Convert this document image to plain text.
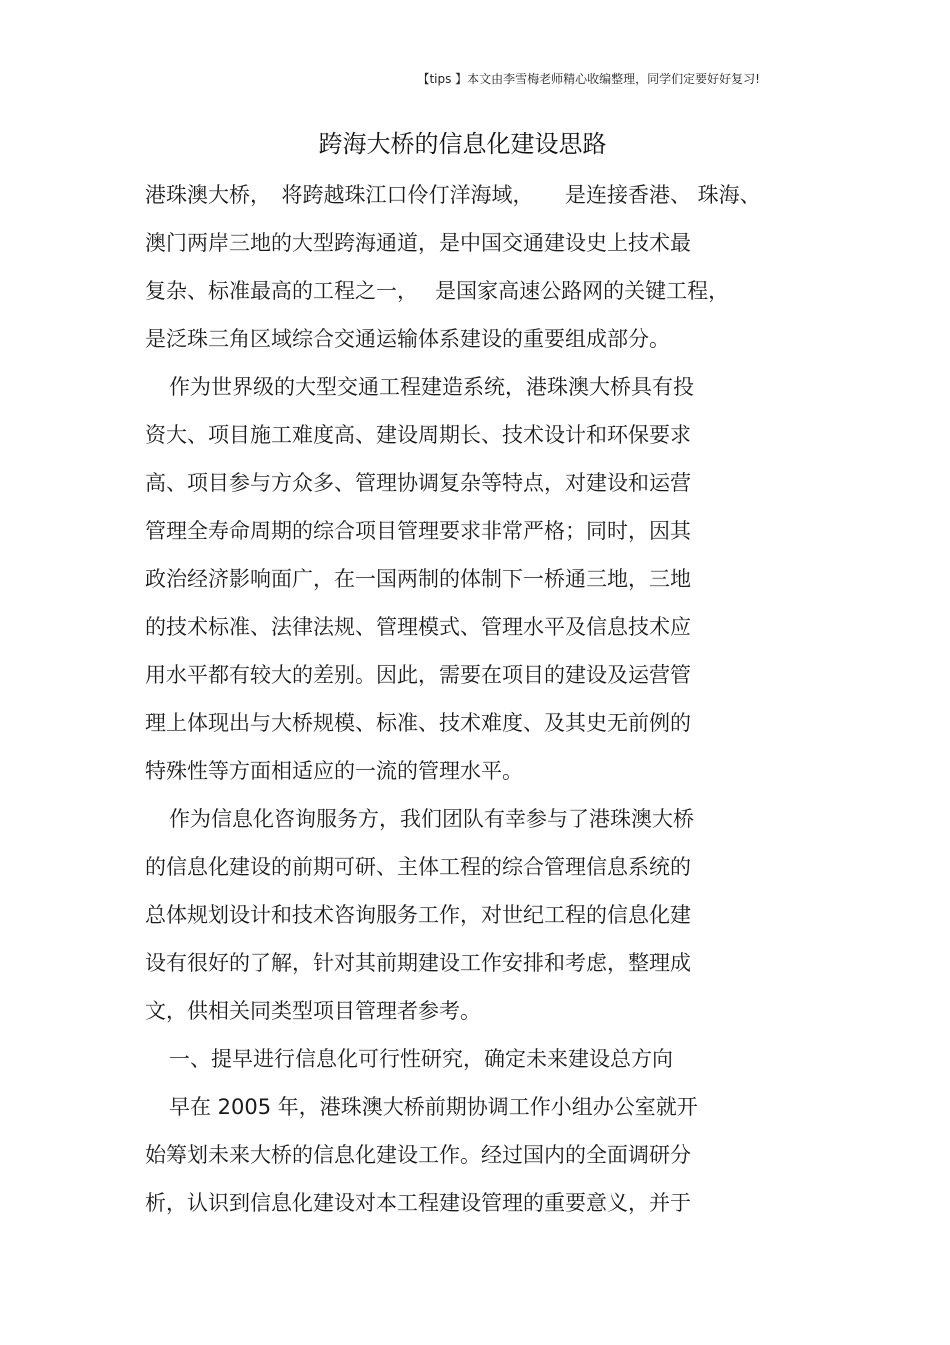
【tips 】本文由李雪梅老师精心收编整理，同学们定要好好复习!
跨海大桥的信息化建设思路
港珠澳大桥，　将跨越珠江口伶仃洋海域，　　是连接香港、 珠海、
澳门两岸三地的大型跨海通道，是中国交通建设史上技术最
复杂、标准最高的工程之一，　 是国家高速公路网的关键工程，
是泛珠三角区域综合交通运输体系建设的重要组成部分。
作为世界级的大型交通工程建造系统，港珠澳大桥具有投
资大、项目施工难度高、建设周期长、技术设计和环保要求
高、项目参与方众多、管理协调复杂等特点，对建设和运营
管理全寿命周期的综合项目管理要求非常严格；同时，因其
政治经济影响面广，在一国两制的体制下一桥通三地，三地
的技术标准、法律法规、管理模式、管理水平及信息技术应
用水平都有较大的差别。因此，需要在项目的建设及运营管
理上体现出与大桥规模、标准、技术难度、及其史无前例的
特殊性等方面相适应的一流的管理水平。
作为信息化咨询服务方，我们团队有幸参与了港珠澳大桥
的信息化建设的前期可研、主体工程的综合管理信息系统的
总体规划设计和技术咨询服务工作，对世纪工程的信息化建
设有很好的了解，针对其前期建设工作安排和考虑，整理成
文，供相关同类型项目管理者参考。
一、提早进行信息化可行性研究，确定未来建设总方向
早在 2005 年，港珠澳大桥前期协调工作小组办公室就开
始筹划未来大桥的信息化建设工作。经过国内的全面调研分
析，认识到信息化建设对本工程建设管理的重要意义，并于
